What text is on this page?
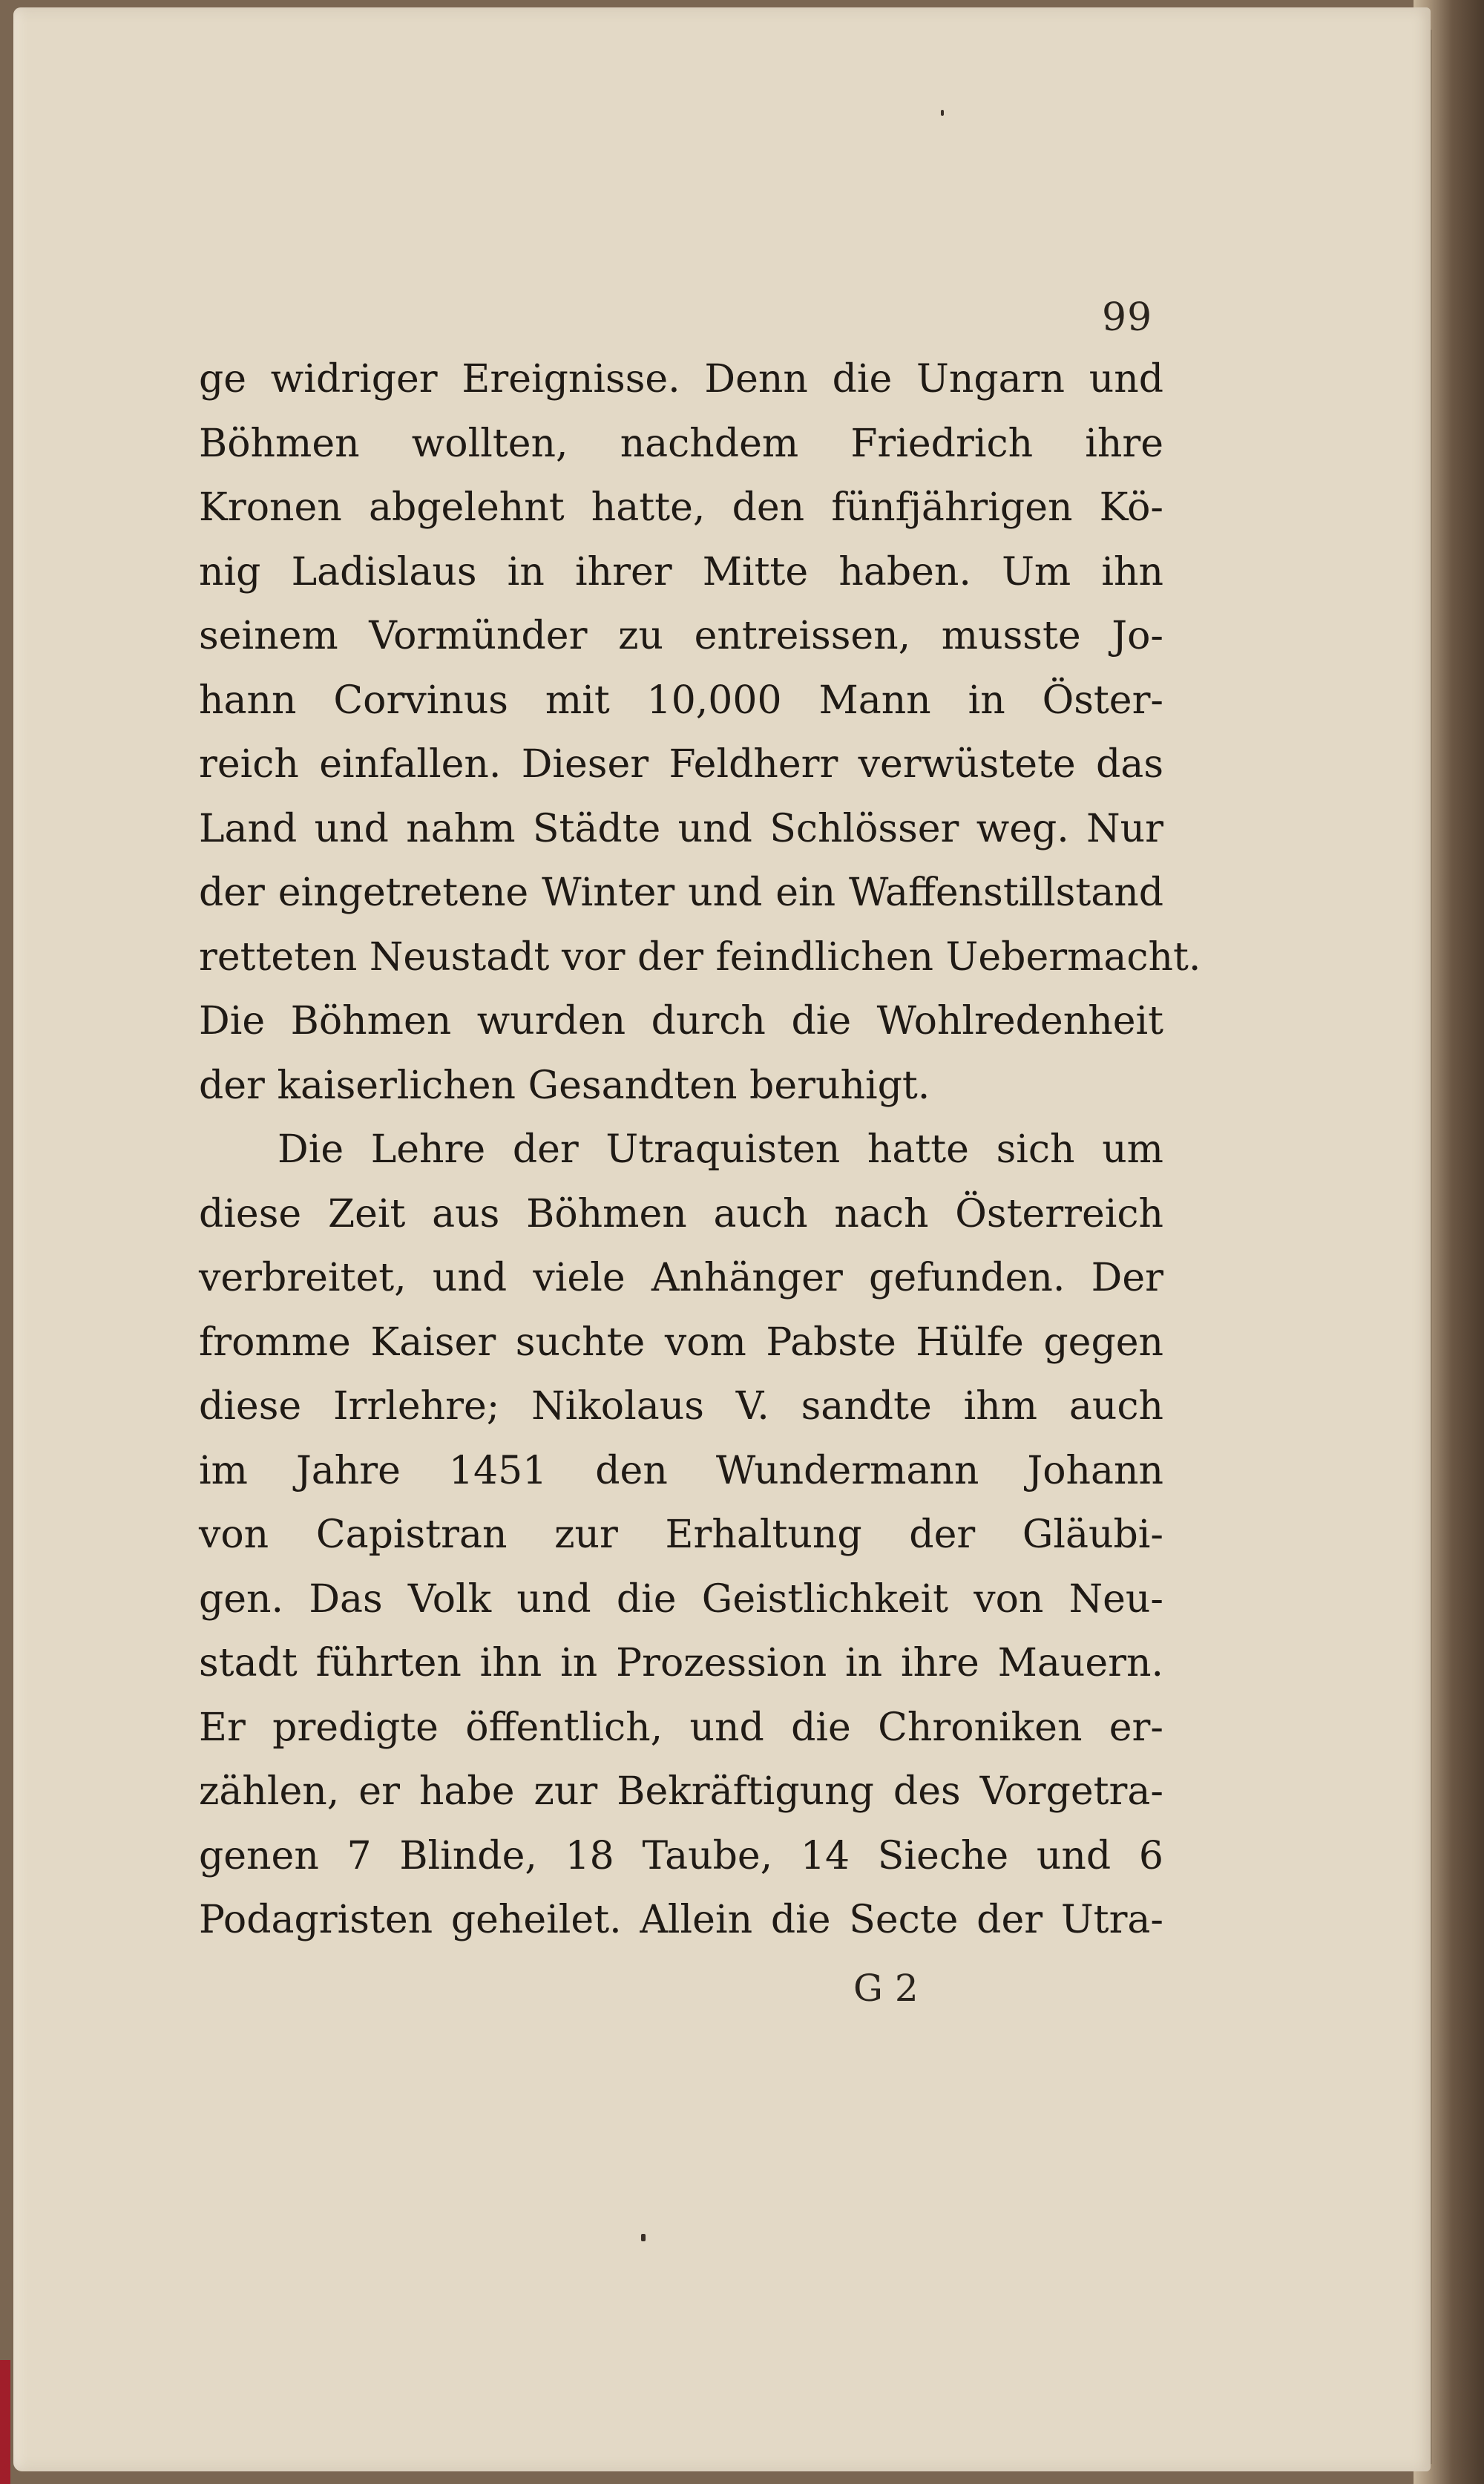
99
ge widriger Ereignisse. Denn die Ungarn und
Böhmen wollten, nachdem Friedrich ihre
Kronen abgelehnt hatte, den fünfjährigen Kö-
nig Ladislaus in ihrer Mitte haben. Um ihn
seinem Vormünder zu entreissen, musste Jo-
hann Corvinus mit 10,000 Mann in Öster-
reich einfallen. Dieser Feldherr verwüstete das
Land und nahm Städte und Schlösser weg. Nur
der eingetretene Winter und ein Waffenstillstand
retteten Neustadt vor der feindlichen Uebermacht.
Die Böhmen wurden durch die Wohlredenheit
der kaiserlichen Gesandten beruhigt.
Die Lehre der Utraquisten hatte sich um
diese Zeit aus Böhmen auch nach Österreich
verbreitet, und viele Anhänger gefunden. Der
fromme Kaiser suchte vom Pabste Hülfe gegen
diese Irrlehre; Nikolaus V. sandte ihm auch
im Jahre 1451 den Wundermann Johann
von Capistran zur Erhaltung der Gläubi-
gen. Das Volk und die Geistlichkeit von Neu-
stadt führten ihn in Prozession in ihre Mauern.
Er predigte öffentlich, und die Chroniken er-
zählen, er habe zur Bekräftigung des Vorgetra-
genen 7 Blinde, 18 Taube, 14 Sieche und 6
Podagristen geheilet. Allein die Secte der Utra-
G 2
